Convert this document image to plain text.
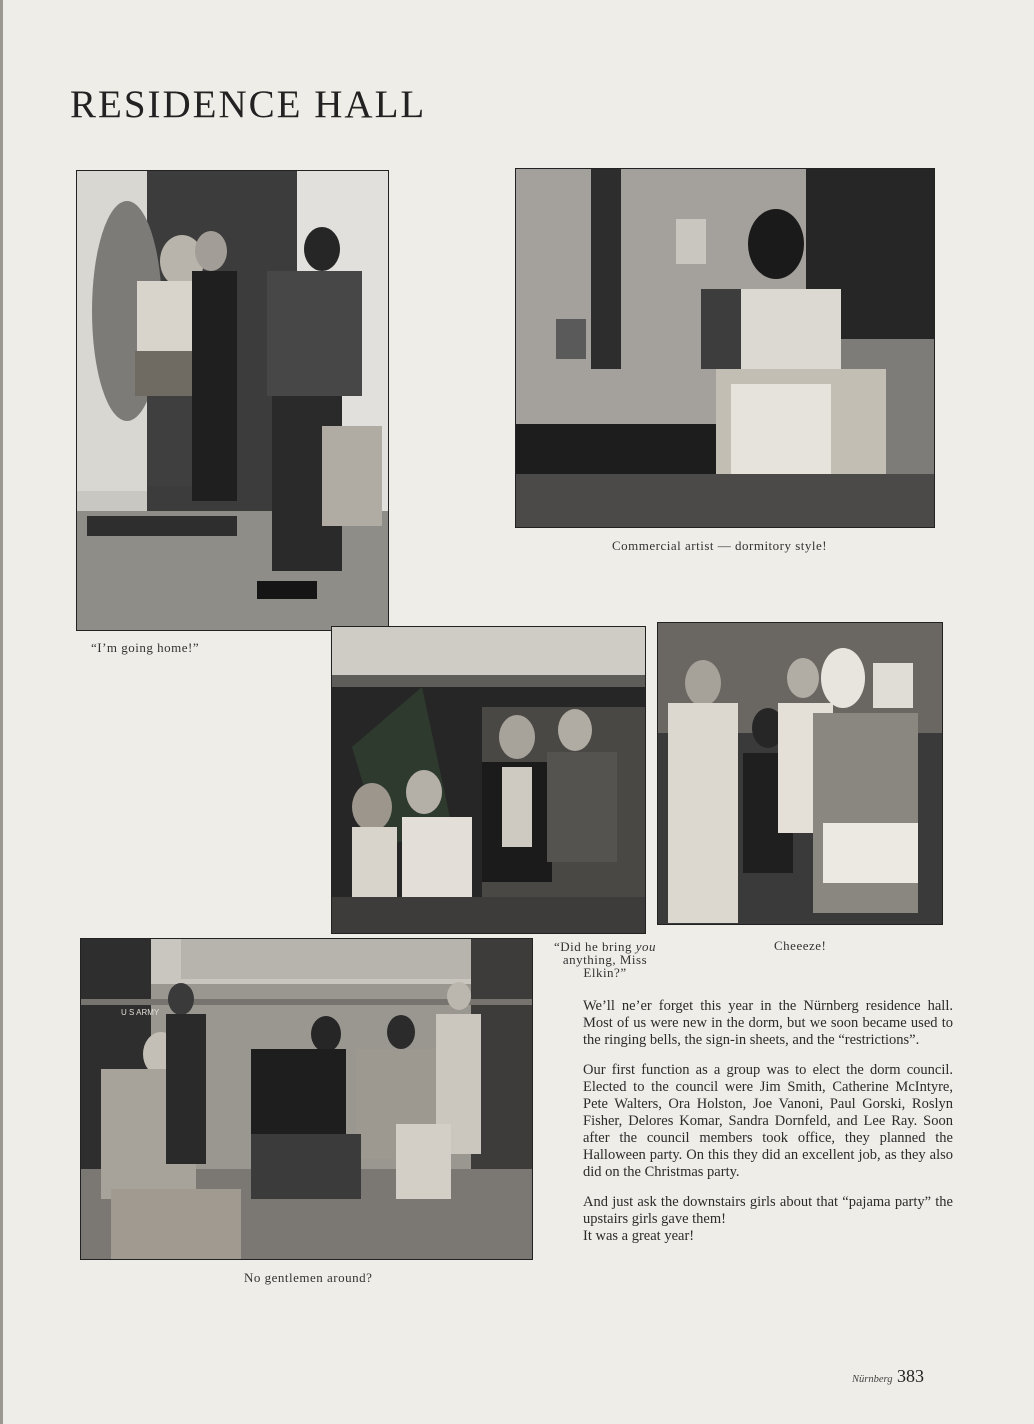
RESIDENCE HALL
“I’m going home!”
Commercial artist — dormitory style!
“Did he bring you anything, Miss Elkin?”
Cheeeze!
U S ARMY
No gentlemen around?

We’ll ne’er forget this year in the Nürnberg residence hall. Most of us were new in the dorm, but we soon became used to the ringing bells, the sign-in sheets, and the “restrictions”.

Our first function as a group was to elect the dorm council. Elected to the council were Jim Smith, Catherine McIntyre, Pete Walters, Ora Holston, Joe Vanoni, Paul Gorski, Roslyn Fisher, Delores Komar, Sandra Dornfeld, and Lee Ray. Soon after the council members took office, they planned the Halloween party. On this they did an excellent job, as they also did on the Christmas party.

And just ask the downstairs girls about that “pajama party” the upstairs girls gave them!

It was a great year!

Nürnberg 383
